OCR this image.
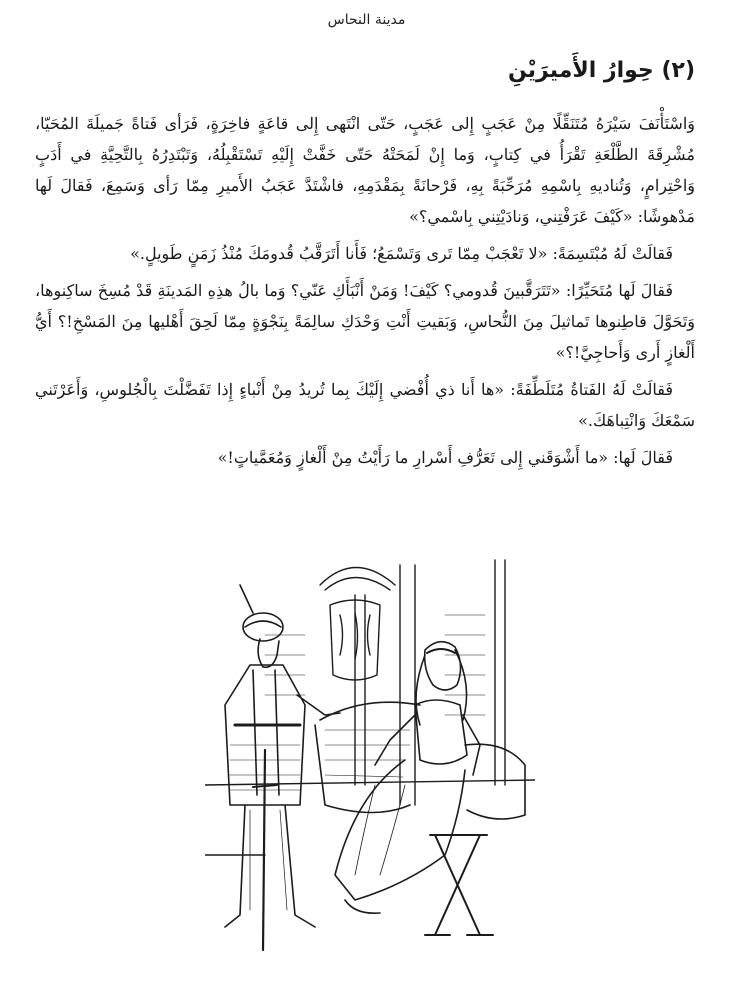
مدينة النحاس
(٢) حِوارُ الأَميرَيْنِ

وَاسْتَأْنَفَ سَيْرَهُ مُتَنَقِّلًا مِنْ عَجَبٍ إِلى عَجَبٍ، حَتّى انْتَهى إِلى قاعَةٍ فاخِرَةٍ، فَرَأى فَتاةً جَميلَةَ المُحَيّا، مُشْرِقَةَ الطَّلْعَةِ تَقْرَأُ في كِتابٍ، وَما إِنْ لَمَحَتْهُ حَتّى خَفَّتْ إِلَيْهِ تَسْتَقْبِلُهُ، وَتَبْتَدِرُهُ بِالتَّحِيَّةِ في أَدَبٍ وَاحْتِرامٍ، وَتُناديهِ بِاسْمِهِ مُرَحِّبَةً بِهِ، فَرْحانَةً بِمَقْدَمِهِ، فاشْتَدَّ عَجَبُ الأَميرِ مِمّا رَأى وَسَمِعَ، فَقالَ لَها مَدْهوشًا: «كَيْفَ عَرَفْتِني، وَنادَيْتِني بِاسْمي؟»

فَقالَتْ لَهُ مُبْتَسِمَةً: «لا تَعْجَبْ مِمّا تَرى وَتَسْمَعُ؛ فَأَنا أَتَرَقَّبُ قُدومَكَ مُنْذُ زَمَنٍ طَويلٍ.»

فَقالَ لَها مُتَحَيِّرًا: «تَتَرَقَّبينَ قُدومي؟ كَيْفَ! وَمَنْ أَنْبَأَكِ عَنّي؟ وَما بالُ هذِهِ المَدينَةِ قَدْ مُسِخَ ساكِنوها، وَتَحَوَّلَ قاطِنوها تَماثيلَ مِنَ النُّحاسِ، وَبَقيتِ أَنْتِ وَحْدَكِ سالِمَةً بِنَجْوَةٍ مِمّا لَحِقَ أَهْليها مِنَ المَسْخِ!؟ أَيُّ أَلْغازٍ أَرى وَأَحاجِيَّ!؟»

فَقالَتْ لَهُ الفَتاةُ مُتَلَطِّفَةً: «ها أَنا ذي أُفْضي إِلَيْكَ بِما تُريدُ مِنْ أَنْباءٍ إِذا تَفَضَّلْتَ بِالْجُلوسِ، وَأَعَرْتَني سَمْعَكَ وَانْتِباهَكَ.»

فَقالَ لَها: «ما أَشْوَقَني إِلى تَعَرُّفِ أَسْرارِ ما رَأَيْتُ مِنْ أَلْغازٍ وَمُعَمَّياتٍ!»
